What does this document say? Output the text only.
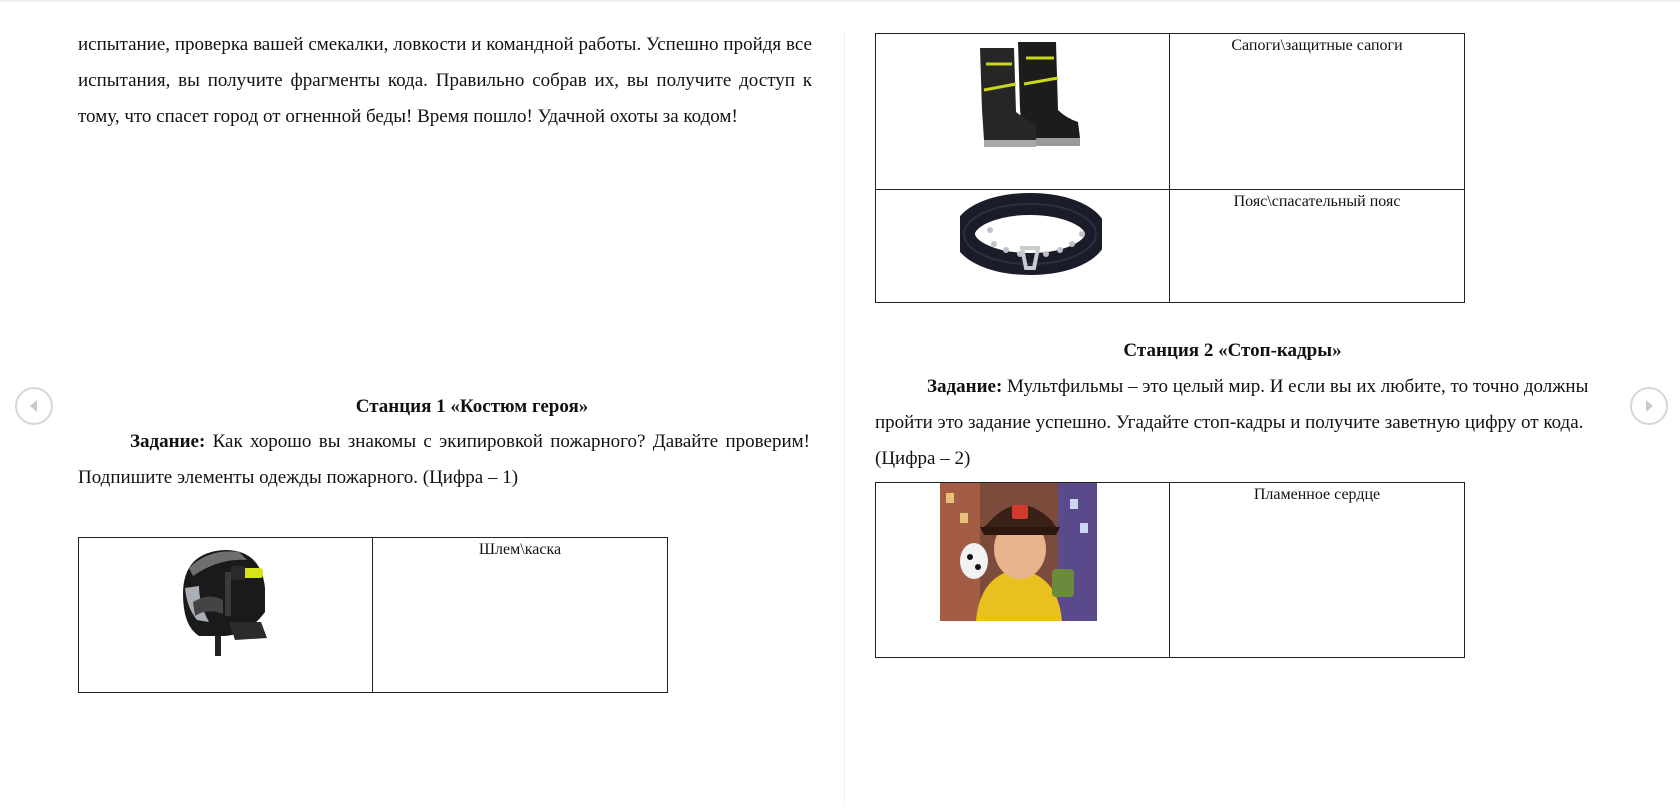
испытание, проверка вашей смекалки, ловкости и командной работы. Успешно пройдя все испытания, вы получите фрагменты кода. Правильно собрав их, вы получите доступ к тому, что спасет город от огненной беды! Время пошло! Удачной охоты за кодом!

Станция 1 «Костюм героя»

Задание: Как хорошо вы знакомы с экипировкой пожарного? Давайте проверим! Подпишите элементы одежды пожарного. (Цифра – 1)

	Шлем\каска
	Сапоги\защитные сапоги

	Пояс\спасательный пояс
Станция 2 «Стоп-кадры»

Задание: Мультфильмы – это целый мир. И если вы их любите, то точно должны пройти это задание успешно. Угадайте стоп-кадры и получите заветную цифру от кода. (Цифра – 2)

	Пламенное сердце
